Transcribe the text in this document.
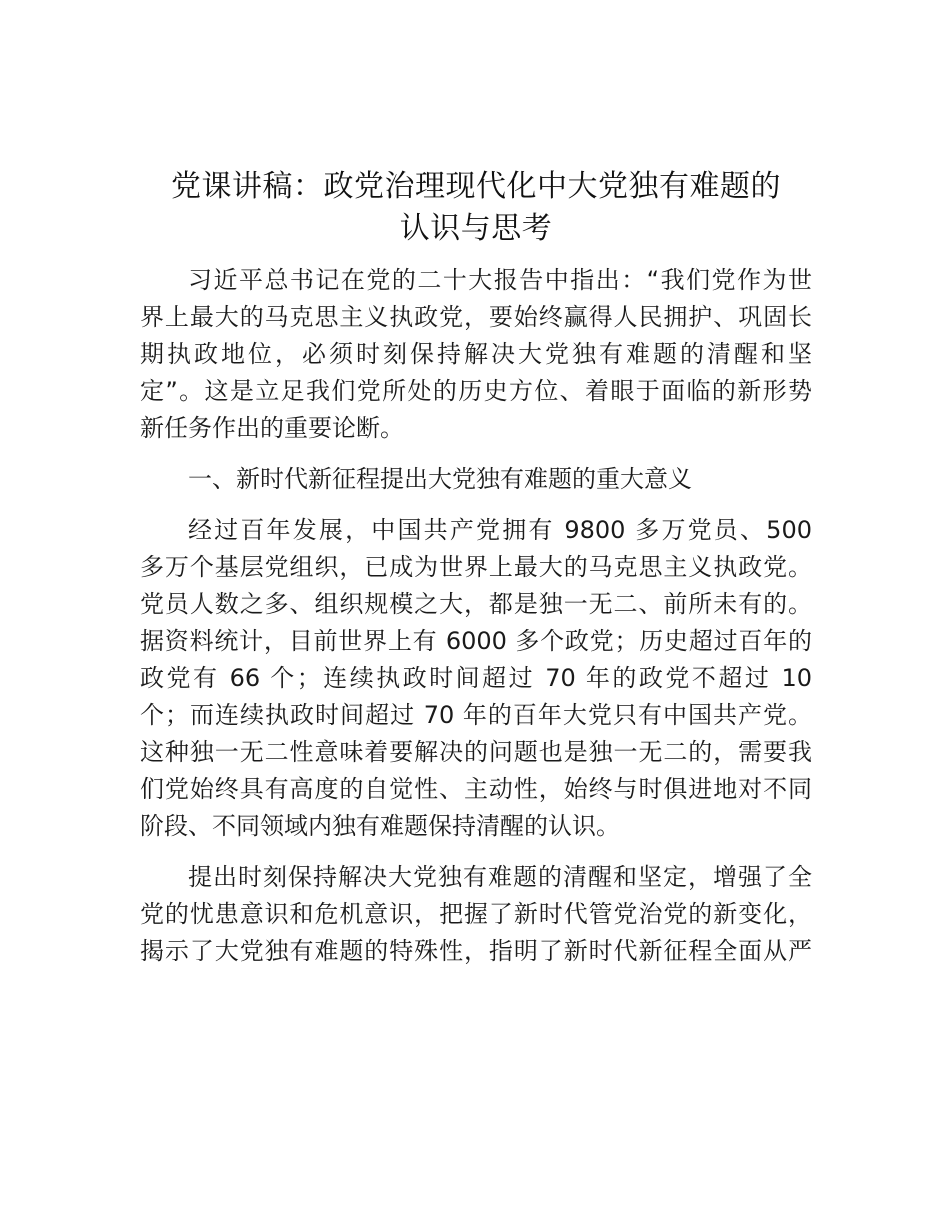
党课讲稿：政党治理现代化中大党独有难题的
认识与思考

习近平总书记在党的二十大报告中指出：“我们党作为世
界上最大的马克思主义执政党，要始终赢得人民拥护、巩固长
期执政地位，必须时刻保持解决大党独有难题的清醒和坚
定”。这是立足我们党所处的历史方位、着眼于面临的新形势
新任务作出的重要论断。

一、新时代新征程提出大党独有难题的重大意义

经过百年发展，中国共产党拥有 9800 多万党员、500
多万个基层党组织，已成为世界上最大的马克思主义执政党。
党员人数之多、组织规模之大，都是独一无二、前所未有的。
据资料统计，目前世界上有 6000 多个政党；历史超过百年的
政党有 66 个；连续执政时间超过 70 年的政党不超过 10
个；而连续执政时间超过 70 年的百年大党只有中国共产党。
这种独一无二性意味着要解决的问题也是独一无二的，需要我
们党始终具有高度的自觉性、主动性，始终与时俱进地对不同
阶段、不同领域内独有难题保持清醒的认识。

提出时刻保持解决大党独有难题的清醒和坚定，增强了全
党的忧患意识和危机意识，把握了新时代管党治党的新变化，
揭示了大党独有难题的特殊性，指明了新时代新征程全面从严
